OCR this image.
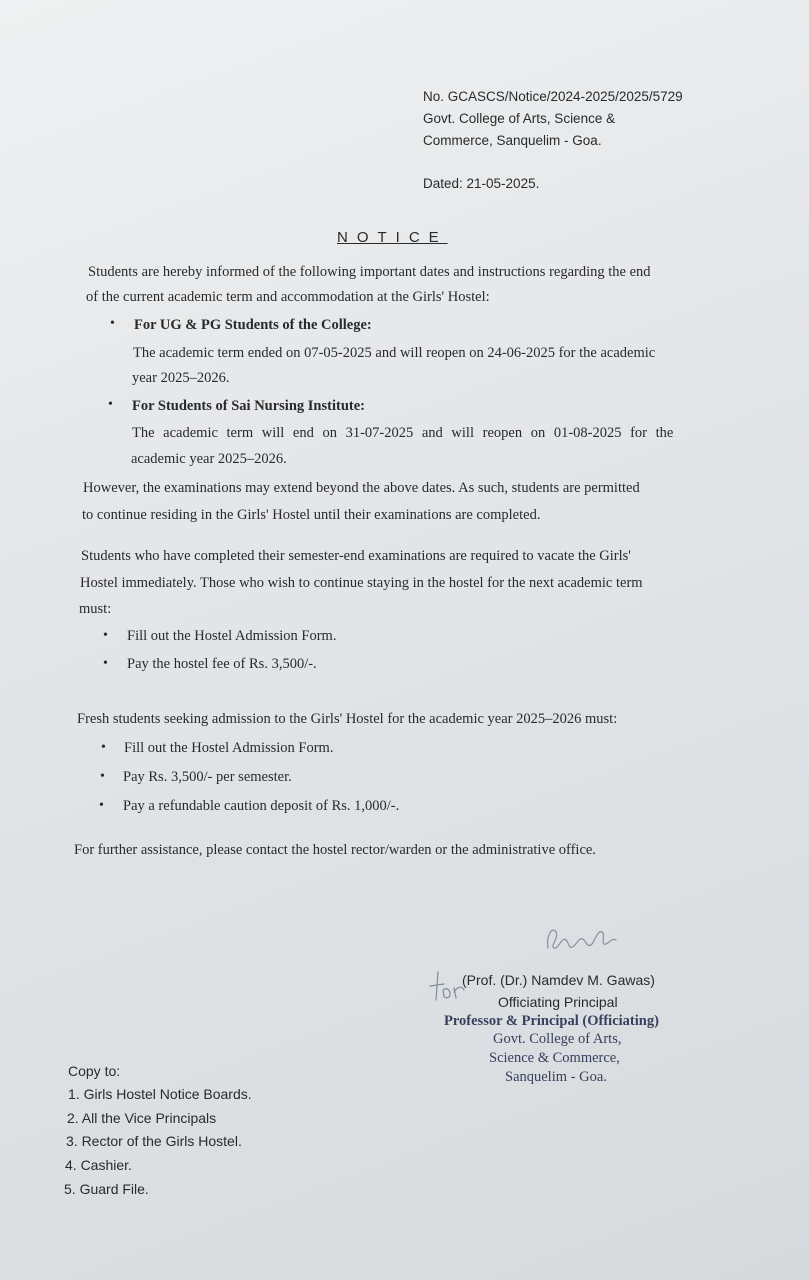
No. GCASCS/Notice/2024-2025/2025/5729
Govt. College of Arts, Science &
Commerce, Sanquelim - Goa.
Dated: 21-05-2025.
NOTICE
Students are hereby informed of the following important dates and instructions regarding the end
of the current academic term and accommodation at the Girls' Hostel:
• For UG & PG Students of the College:
The academic term ended on 07-05-2025 and will reopen on 24-06-2025 for the academic
year 2025–2026.
• For Students of Sai Nursing Institute:
The academic term will end on 31-07-2025 and will reopen on 01-08-2025 for the
academic year 2025–2026.
However, the examinations may extend beyond the above dates. As such, students are permitted
to continue residing in the Girls' Hostel until their examinations are completed.
Students who have completed their semester-end examinations are required to vacate the Girls'
Hostel immediately. Those who wish to continue staying in the hostel for the next academic term
must:
• Fill out the Hostel Admission Form.
• Pay the hostel fee of Rs. 3,500/-.
Fresh students seeking admission to the Girls' Hostel for the academic year 2025–2026 must:
• Fill out the Hostel Admission Form.
• Pay Rs. 3,500/- per semester.
• Pay a refundable caution deposit of Rs. 1,000/-.
For further assistance, please contact the hostel rector/warden or the administrative office.
(Prof. (Dr.) Namdev M. Gawas)
Officiating Principal
Professor & Principal (Officiating)
Govt. College of Arts,
Science & Commerce,
Sanquelim - Goa.
Copy to:
1. Girls Hostel Notice Boards.
2. All the Vice Principals
3. Rector of the Girls Hostel.
4. Cashier.
5. Guard File.
